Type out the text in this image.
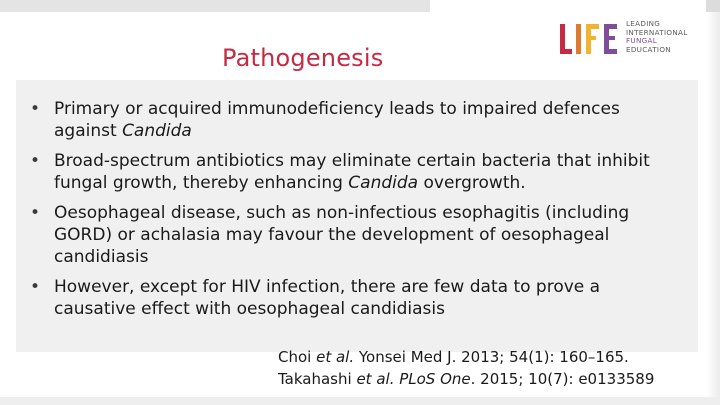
Pathogenesis
LEADING
INTERNATIONAL
FUNGAL
EDUCATION
• Primary or acquired immunodeficiency leads to impaired defences against Candida
• Broad-spectrum antibiotics may eliminate certain bacteria that inhibit fungal growth, thereby enhancing Candida overgrowth.
• Oesophageal disease, such as non-infectious esophagitis (including GORD) or achalasia may favour the development of oesophageal candidiasis
• However, except for HIV infection, there are few data to prove a causative effect with oesophageal candidiasis
Choi et al. Yonsei Med J. 2013; 54(1): 160–165.
Takahashi et al. PLoS One. 2015; 10(7): e0133589
